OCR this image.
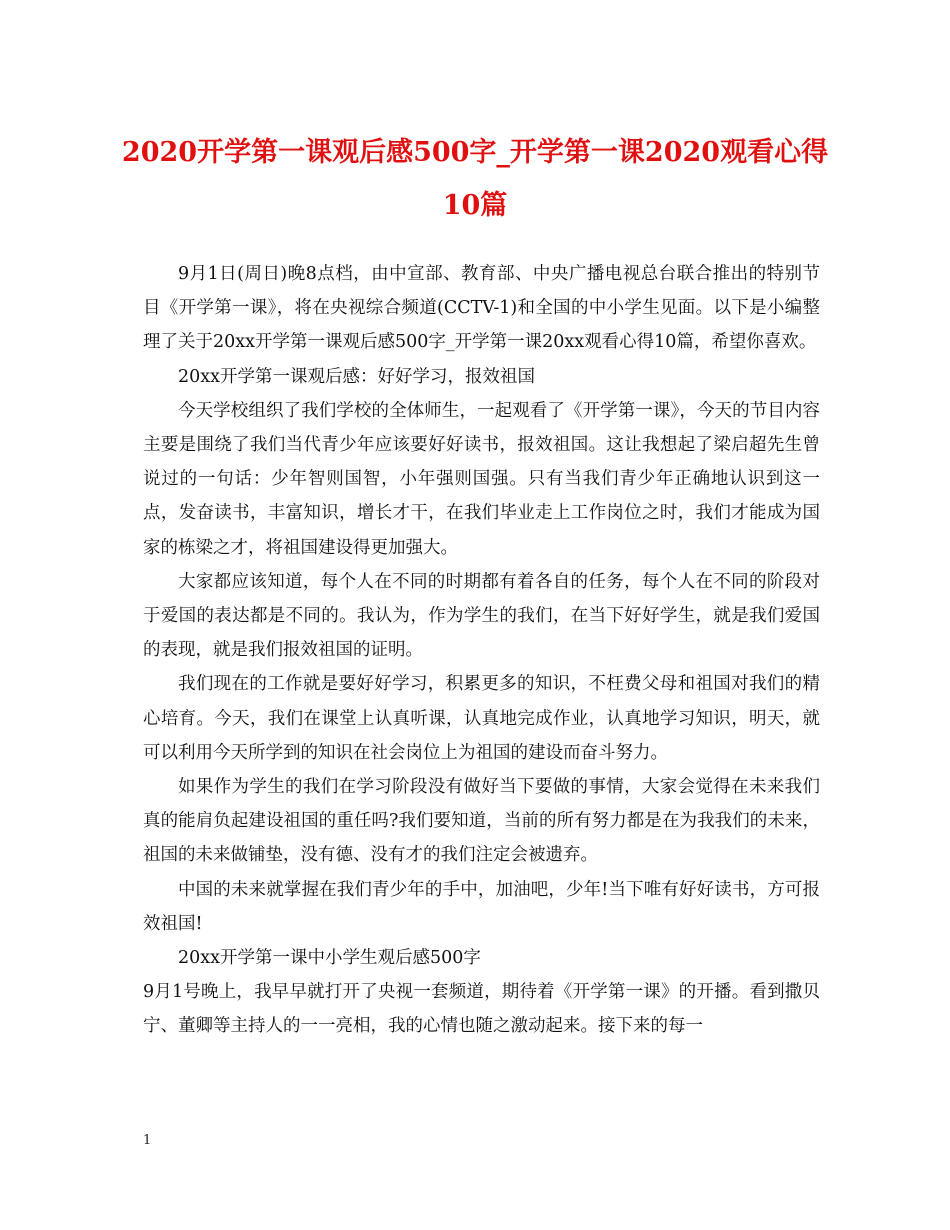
2020开学第一课观后感500字_开学第一课2020观看心得10篇

9月1日(周日)晚8点档，由中宣部、教育部、中央广播电视总台联合推出的特别节目《开学第一课》，将在央视综合频道(CCTV-1)和全国的中小学生见面。以下是小编整理了关于20xx开学第一课观后感500字_开学第一课20xx观看心得10篇，希望你喜欢。

20xx开学第一课观后感：好好学习，报效祖国

今天学校组织了我们学校的全体师生，一起观看了《开学第一课》，今天的节目内容主要是围绕了我们当代青少年应该要好好读书，报效祖国。这让我想起了梁启超先生曾说过的一句话：少年智则国智，小年强则国强。只有当我们青少年正确地认识到这一点，发奋读书，丰富知识，增长才干，在我们毕业走上工作岗位之时，我们才能成为国家的栋梁之才，将祖国建设得更加强大。

大家都应该知道，每个人在不同的时期都有着各自的任务，每个人在不同的阶段对于爱国的表达都是不同的。我认为，作为学生的我们，在当下好好学生，就是我们爱国的表现，就是我们报效祖国的证明。

我们现在的工作就是要好好学习，积累更多的知识，不枉费父母和祖国对我们的精心培育。今天，我们在课堂上认真听课，认真地完成作业，认真地学习知识，明天，就可以利用今天所学到的知识在社会岗位上为祖国的建设而奋斗努力。

如果作为学生的我们在学习阶段没有做好当下要做的事情，大家会觉得在未来我们真的能肩负起建设祖国的重任吗?我们要知道，当前的所有努力都是在为我我们的未来，祖国的未来做铺垫，没有德、没有才的我们注定会被遗弃。

中国的未来就掌握在我们青少年的手中，加油吧，少年!当下唯有好好读书，方可报效祖国!

20xx开学第一课中小学生观后感500字

9月1号晚上，我早早就打开了央视一套频道，期待着《开学第一课》的开播。看到撒贝宁、董卿等主持人的一一亮相，我的心情也随之激动起来。接下来的每一

1
